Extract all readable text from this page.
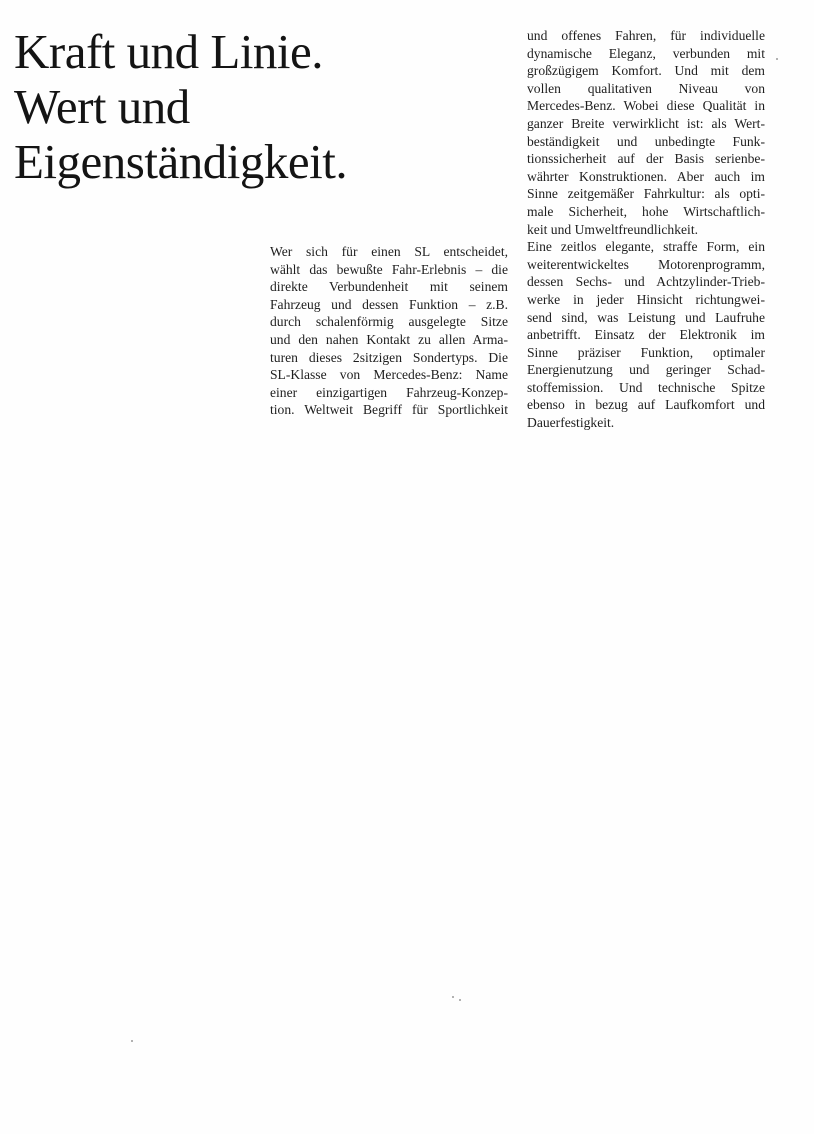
Kraft und Linie.
Wert und
Eigenständigkeit.
Wer sich für einen SL entscheidet,
wählt das bewußte Fahr-Erlebnis – die
direkte Verbundenheit mit seinem
Fahrzeug und dessen Funktion – z.B.
durch schalenförmig ausgelegte Sitze
und den nahen Kontakt zu allen Arma-
turen dieses 2sitzigen Sondertyps. Die
SL-Klasse von Mercedes-Benz: Name
einer einzigartigen Fahrzeug-Konzep-
tion. Weltweit Begriff für Sportlichkeit
und offenes Fahren, für individuelle
dynamische Eleganz, verbunden mit
großzügigem Komfort. Und mit dem
vollen qualitativen Niveau von
Mercedes-Benz. Wobei diese Qualität in
ganzer Breite verwirklicht ist: als Wert-
beständigkeit und unbedingte Funk-
tionssicherheit auf der Basis serienbe-
währter Konstruktionen. Aber auch im
Sinne zeitgemäßer Fahrkultur: als opti-
male Sicherheit, hohe Wirtschaftlich-
keit und Umweltfreundlichkeit.
Eine zeitlos elegante, straffe Form, ein
weiterentwickeltes Motorenprogramm,
dessen Sechs- und Achtzylinder-Trieb-
werke in jeder Hinsicht richtungwei-
send sind, was Leistung und Laufruhe
anbetrifft. Einsatz der Elektronik im
Sinne präziser Funktion, optimaler
Energienutzung und geringer Schad-
stoffemission. Und technische Spitze
ebenso in bezug auf Laufkomfort und
Dauerfestigkeit.
